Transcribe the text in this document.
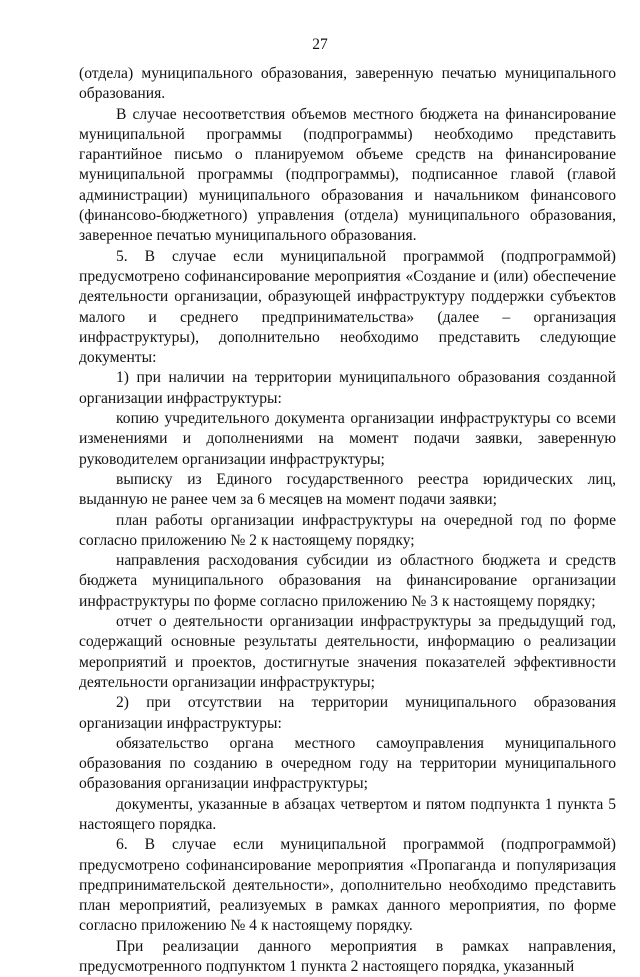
27

(отдела) муниципального образования, заверенную печатью муниципального образования.

В случае несоответствия объемов местного бюджета на финансирование муниципальной программы (подпрограммы) необходимо представить гарантийное письмо о планируемом объеме средств на финансирование муниципальной программы (подпрограммы), подписанное главой (главой администрации) муниципального образования и начальником финансового (финансово-бюджетного) управления (отдела) муниципального образования, заверенное печатью муниципального образования.

5. В случае если муниципальной программой (подпрограммой) предусмотрено софинансирование мероприятия «Создание и (или) обеспечение деятельности организации, образующей инфраструктуру поддержки субъектов малого и среднего предпринимательства» (далее – организация инфраструктуры), дополнительно необходимо представить следующие документы:

1) при наличии на территории муниципального образования созданной организации инфраструктуры:

копию учредительного документа организации инфраструктуры со всеми изменениями и дополнениями на момент подачи заявки, заверенную руководителем организации инфраструктуры;

выписку из Единого государственного реестра юридических лиц, выданную не ранее чем за 6 месяцев на момент подачи заявки;

план работы организации инфраструктуры на очередной год по форме согласно приложению № 2 к настоящему порядку;

направления расходования субсидии из областного бюджета и средств бюджета муниципального образования на финансирование организации инфраструктуры по форме согласно приложению № 3 к настоящему порядку;

отчет о деятельности организации инфраструктуры за предыдущий год, содержащий основные результаты деятельности, информацию о реализации мероприятий и проектов, достигнутые значения показателей эффективности деятельности организации инфраструктуры;

2) при отсутствии на территории муниципального образования организации инфраструктуры:

обязательство органа местного самоуправления муниципального образования по созданию в очередном году на территории муниципального образования организации инфраструктуры;

документы, указанные в абзацах четвертом и пятом подпункта 1 пункта 5 настоящего порядка.

6. В случае если муниципальной программой (подпрограммой) предусмотрено софинансирование мероприятия «Пропаганда и популяризация предпринимательской деятельности», дополнительно необходимо представить план мероприятий, реализуемых в рамках данного мероприятия, по форме согласно приложению № 4 к настоящему порядку.

При реализации данного мероприятия в рамках направления, предусмотренного подпунктом 1 пункта 2 настоящего порядка, указанный
